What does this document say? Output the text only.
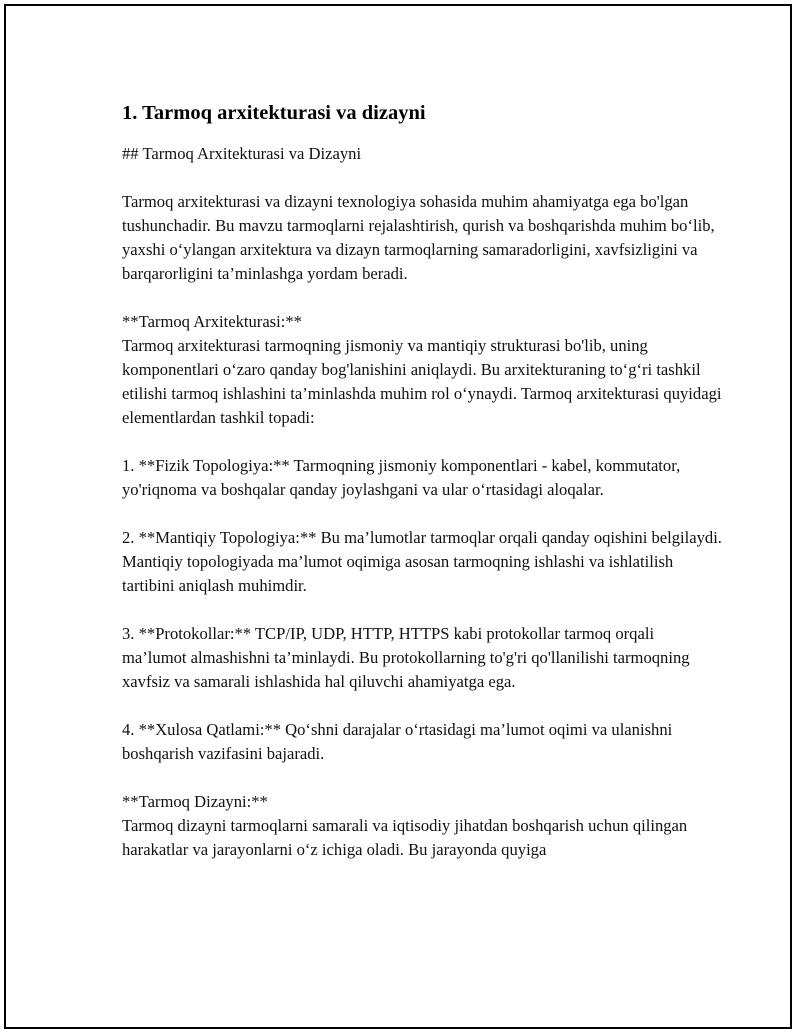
1. Tarmoq arxitekturasi va dizayni
## Tarmoq Arxitekturasi va Dizayni
Tarmoq arxitekturasi va dizayni texnologiya sohasida muhim ahamiyatga ega bo'lgan tushunchadir. Bu mavzu tarmoqlarni rejalashtirish, qurish va boshqarishda muhim bo‘lib, yaxshi o‘ylangan arxitektura va dizayn tarmoqlarning samaradorligini, xavfsizligini va barqarorligini ta’minlashga yordam beradi.
**Tarmoq Arxitekturasi:**
Tarmoq arxitekturasi tarmoqning jismoniy va mantiqiy strukturasi bo'lib, uning komponentlari o‘zaro qanday bog'lanishini aniqlaydi. Bu arxitekturaning to‘g‘ri tashkil etilishi tarmoq ishlashini ta’minlashda muhim rol o‘ynaydi. Tarmoq arxitekturasi quyidagi elementlardan tashkil topadi:
1. **Fizik Topologiya:** Tarmoqning jismoniy komponentlari - kabel, kommutator, yo'riqnoma va boshqalar qanday joylashgani va ular o‘rtasidagi aloqalar.
2. **Mantiqiy Topologiya:** Bu ma’lumotlar tarmoqlar orqali qanday oqishini belgilaydi. Mantiqiy topologiyada ma’lumot oqimiga asosan tarmoqning ishlashi va ishlatilish tartibini aniqlash muhimdir.
3. **Protokollar:** TCP/IP, UDP, HTTP, HTTPS kabi protokollar tarmoq orqali ma’lumot almashishni ta’minlaydi. Bu protokollarning to'g'ri qo'llanilishi tarmoqning xavfsiz va samarali ishlashida hal qiluvchi ahamiyatga ega.
4. **Xulosa Qatlami:** Qo‘shni darajalar o‘rtasidagi ma’lumot oqimi va ulanishni boshqarish vazifasini bajaradi.
**Tarmoq Dizayni:**
Tarmoq dizayni tarmoqlarni samarali va iqtisodiy jihatdan boshqarish uchun qilingan harakatlar va jarayonlarni o‘z ichiga oladi. Bu jarayonda quyiga
